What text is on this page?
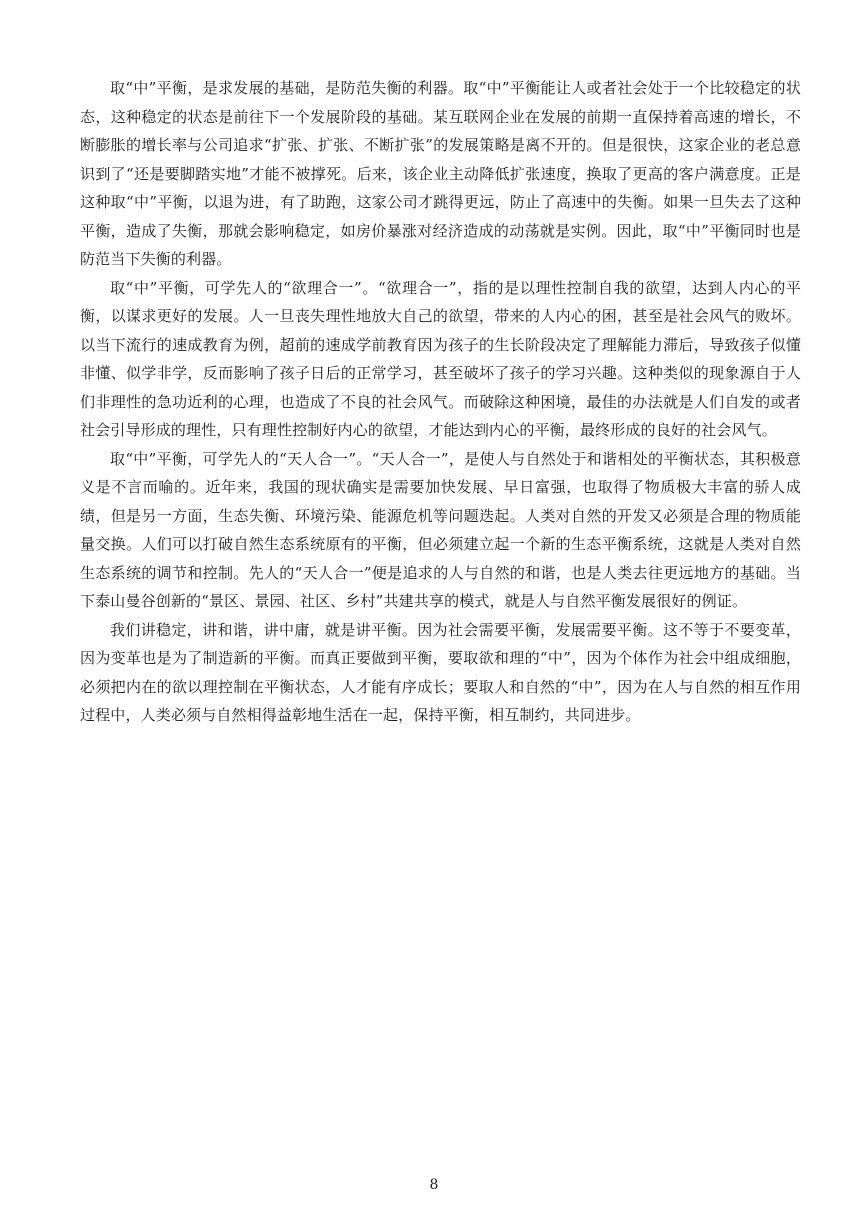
取“中”平衡，是求发展的基础，是防范失衡的利器。取“中”平衡能让人或者社会处于一个比较稳定的状态，这种稳定的状态是前往下一个发展阶段的基础。某互联网企业在发展的前期一直保持着高速的增长，不断膨胀的增长率与公司追求“扩张、扩张、不断扩张”的发展策略是离不开的。但是很快，这家企业的老总意识到了“还是要脚踏实地”才能不被撑死。后来，该企业主动降低扩张速度，换取了更高的客户满意度。正是这种取“中”平衡，以退为进，有了助跑，这家公司才跳得更远，防止了高速中的失衡。如果一旦失去了这种平衡，造成了失衡，那就会影响稳定，如房价暴涨对经济造成的动荡就是实例。因此，取“中”平衡同时也是防范当下失衡的利器。

取“中”平衡，可学先人的“欲理合一”。“欲理合一”，指的是以理性控制自我的欲望，达到人内心的平衡，以谋求更好的发展。人一旦丧失理性地放大自己的欲望，带来的人内心的困，甚至是社会风气的败坏。以当下流行的速成教育为例，超前的速成学前教育因为孩子的生长阶段决定了理解能力滞后，导致孩子似懂非懂、似学非学，反而影响了孩子日后的正常学习，甚至破坏了孩子的学习兴趣。这种类似的现象源自于人们非理性的急功近利的心理，也造成了不良的社会风气。而破除这种困境，最佳的办法就是人们自发的或者社会引导形成的理性，只有理性控制好内心的欲望，才能达到内心的平衡，最终形成的良好的社会风气。

取“中”平衡，可学先人的“天人合一”。“天人合一”，是使人与自然处于和谐相处的平衡状态，其积极意义是不言而喻的。近年来，我国的现状确实是需要加快发展、早日富强，也取得了物质极大丰富的骄人成绩，但是另一方面，生态失衡、环境污染、能源危机等问题迭起。人类对自然的开发又必须是合理的物质能量交换。人们可以打破自然生态系统原有的平衡，但必须建立起一个新的生态平衡系统，这就是人类对自然生态系统的调节和控制。先人的“天人合一”便是追求的人与自然的和谐，也是人类去往更远地方的基础。当下泰山曼谷创新的“景区、景园、社区、乡村”共建共享的模式，就是人与自然平衡发展很好的例证。

我们讲稳定，讲和谐，讲中庸，就是讲平衡。因为社会需要平衡，发展需要平衡。这不等于不要变革，因为变革也是为了制造新的平衡。而真正要做到平衡，要取欲和理的“中”，因为个体作为社会中组成细胞，必须把内在的欲以理控制在平衡状态，人才能有序成长；要取人和自然的“中”，因为在人与自然的相互作用过程中，人类必须与自然相得益彰地生活在一起，保持平衡，相互制约，共同进步。

8
